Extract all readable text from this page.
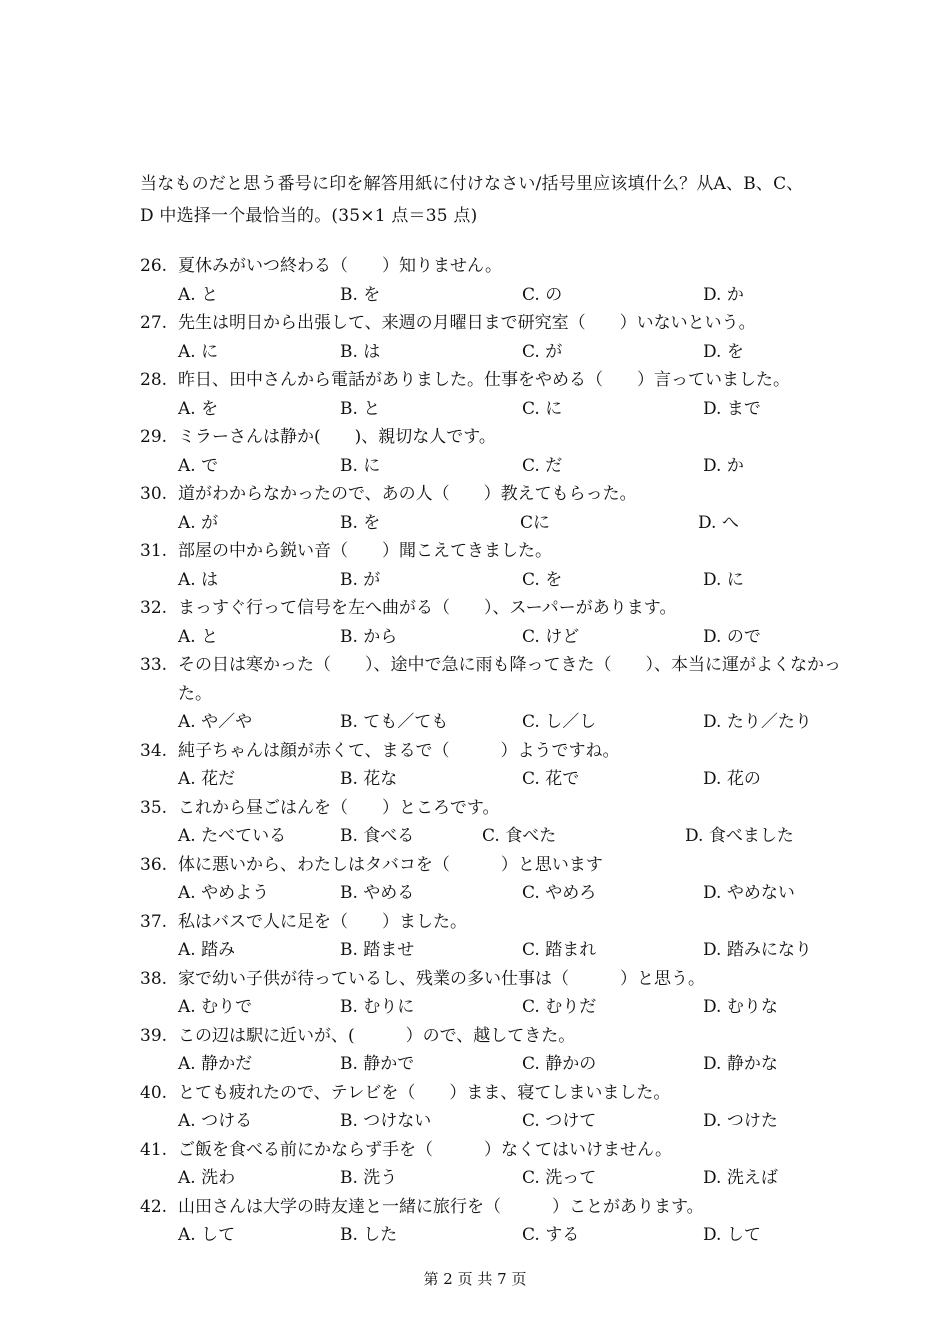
当なものだと思う番号に印を解答用紙に付けなさい/括号里应该填什么？从A、B、C、
D 中选择一个最恰当的。(35×1 点＝35 点)
26. 夏休みがいつ終わる（　　）知りません。
A. と	B. を	C. の	D. か
27. 先生は明日から出張して、来週の月曜日まで研究室（　　）いないという。
A. に	B. は	C. が	D. を
28. 昨日、田中さんから電話がありました。仕事をやめる（　　）言っていました。
A. を	B. と	C. に	D. まで
29. ミラーさんは静か(　　)、親切な人です。
A. で	B. に	C. だ	D. か
30. 道がわからなかったので、あの人（　　）教えてもらった。
A. が	B. を	Cに	D. へ
31. 部屋の中から鋭い音（　　）聞こえてきました。
A. は	B. が	C. を	D. に
32. まっすぐ行って信号を左へ曲がる（　　）、スーパーがあります。
A. と	B. から	C. けど	D. ので
33. その日は寒かった（　　）、途中で急に雨も降ってきた（　　）、本当に運がよくなかった。
A. や／や	B. ても／ても	C. し／し	D. たり／たり
34. 純子ちゃんは顔が赤くて、まるで（　　　）ようですね。
A. 花だ	B. 花な	C. 花で	D. 花の
35. これから昼ごはんを（　　）ところです。
A. たべている	B. 食べる	C. 食べた	D. 食べました
36. 体に悪いから、わたしはタバコを（　　　）と思います
A. やめよう	B. やめる	C. やめろ	D. やめない
37. 私はバスで人に足を（　　）ました。
A. 踏み	B. 踏ませ	C. 踏まれ	D. 踏みになり
38. 家で幼い子供が待っているし、残業の多い仕事は（　　　）と思う。
A. むりで	B. むりに	C. むりだ	D. むりな
39. この辺は駅に近いが、(　　　）ので、越してきた。
A. 静かだ	B. 静かで	C. 静かの	D. 静かな
40. とても疲れたので、テレビを（　　）まま、寝てしまいました。
A. つける	B. つけない	C. つけて	D. つけた
41. ご飯を食べる前にかならず手を（　　　）なくてはいけません。
A. 洗わ	B. 洗う	C. 洗って	D. 洗えば
42. 山田さんは大学の時友達と一緒に旅行を（　　　）ことがあります。
A. して	B. した	C. する	D. して
第 2 页 共 7 页
